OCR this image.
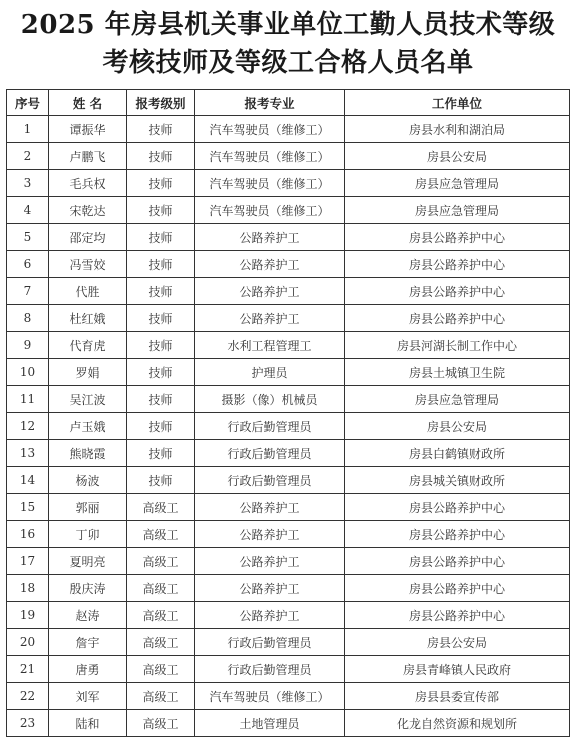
2025 年房县机关事业单位工勤人员技术等级
考核技师及等级工合格人员名单
序号	姓 名	报考级别	报考专业	工作单位
1	谭振华	技师	汽车驾驶员（维修工）	房县水利和湖泊局
2	卢鹏飞	技师	汽车驾驶员（维修工）	房县公安局
3	毛兵权	技师	汽车驾驶员（维修工）	房县应急管理局
4	宋乾达	技师	汽车驾驶员（维修工）	房县应急管理局
5	邵定均	技师	公路养护工	房县公路养护中心
6	冯雪姣	技师	公路养护工	房县公路养护中心
7	代胜	技师	公路养护工	房县公路养护中心
8	杜红娥	技师	公路养护工	房县公路养护中心
9	代育虎	技师	水利工程管理工	房县河湖长制工作中心
10	罗娟	技师	护理员	房县土城镇卫生院
11	吴江波	技师	摄影（像）机械员	房县应急管理局
12	卢玉娥	技师	行政后勤管理员	房县公安局
13	熊晓霞	技师	行政后勤管理员	房县白鹤镇财政所
14	杨波	技师	行政后勤管理员	房县城关镇财政所
15	郭丽	高级工	公路养护工	房县公路养护中心
16	丁卯	高级工	公路养护工	房县公路养护中心
17	夏明亮	高级工	公路养护工	房县公路养护中心
18	殷庆涛	高级工	公路养护工	房县公路养护中心
19	赵涛	高级工	公路养护工	房县公路养护中心
20	詹宇	高级工	行政后勤管理员	房县公安局
21	唐勇	高级工	行政后勤管理员	房县青峰镇人民政府
22	刘军	高级工	汽车驾驶员（维修工）	房县县委宣传部
23	陆和	高级工	土地管理员	化龙自然资源和规划所
